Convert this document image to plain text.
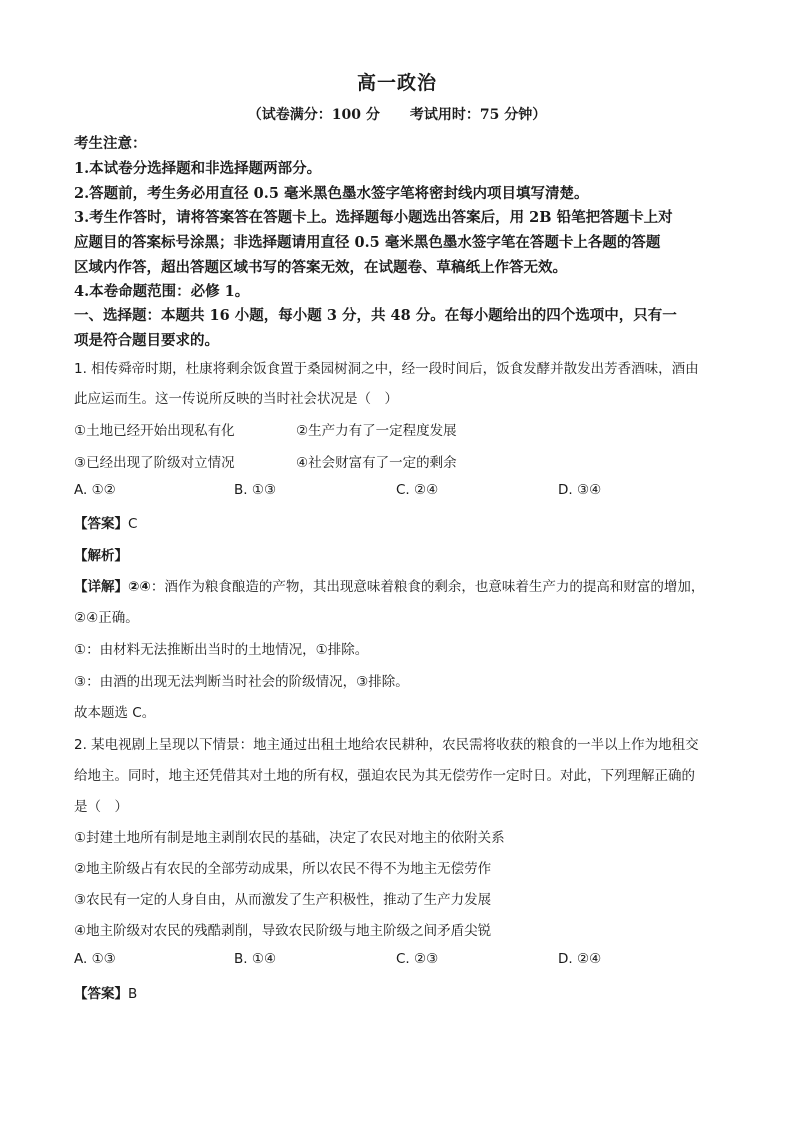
高一政治
（试卷满分：100 分 考试用时：75 分钟）
考生注意：
1.本试卷分选择题和非选择题两部分。
2.答题前，考生务必用直径 0.5 毫米黑色墨水签字笔将密封线内项目填写清楚。
3.考生作答时，请将答案答在答题卡上。选择题每小题选出答案后，用 2B 铅笔把答题卡上对
应题目的答案标号涂黑；非选择题请用直径 0.5 毫米黑色墨水签字笔在答题卡上各题的答题
区域内作答，超出答题区域书写的答案无效，在试题卷、草稿纸上作答无效。
4.本卷命题范围：必修 1。
一、选择题：本题共 16 小题，每小题 3 分，共 48 分。在每小题给出的四个选项中，只有一
项是符合题目要求的。
1. 相传舜帝时期，杜康将剩余饭食置于桑园树洞之中，经一段时间后，饭食发酵并散发出芳香酒味，酒由
此应运而生。这一传说所反映的当时社会状况是（　）
①土地已经开始出现私有化	②生产力有了一定程度发展
③已经出现了阶级对立情况	④社会财富有了一定的剩余
A. ①②	B. ①③	C. ②④	D. ③④
【答案】C
【解析】
【详解】②④：酒作为粮食酿造的产物，其出现意味着粮食的剩余，也意味着生产力的提高和财富的增加，
②④正确。
①：由材料无法推断出当时的土地情况，①排除。
③：由酒的出现无法判断当时社会的阶级情况，③排除。
故本题选 C。
2. 某电视剧上呈现以下情景：地主通过出租土地给农民耕种，农民需将收获的粮食的一半以上作为地租交
给地主。同时，地主还凭借其对土地的所有权，强迫农民为其无偿劳作一定时日。对此，下列理解正确的
是（　）
①封建土地所有制是地主剥削农民的基础，决定了农民对地主的依附关系
②地主阶级占有农民的全部劳动成果，所以农民不得不为地主无偿劳作
③农民有一定的人身自由，从而激发了生产积极性，推动了生产力发展
④地主阶级对农民的残酷剥削，导致农民阶级与地主阶级之间矛盾尖锐
A. ①③	B. ①④	C. ②③	D. ②④
【答案】B
